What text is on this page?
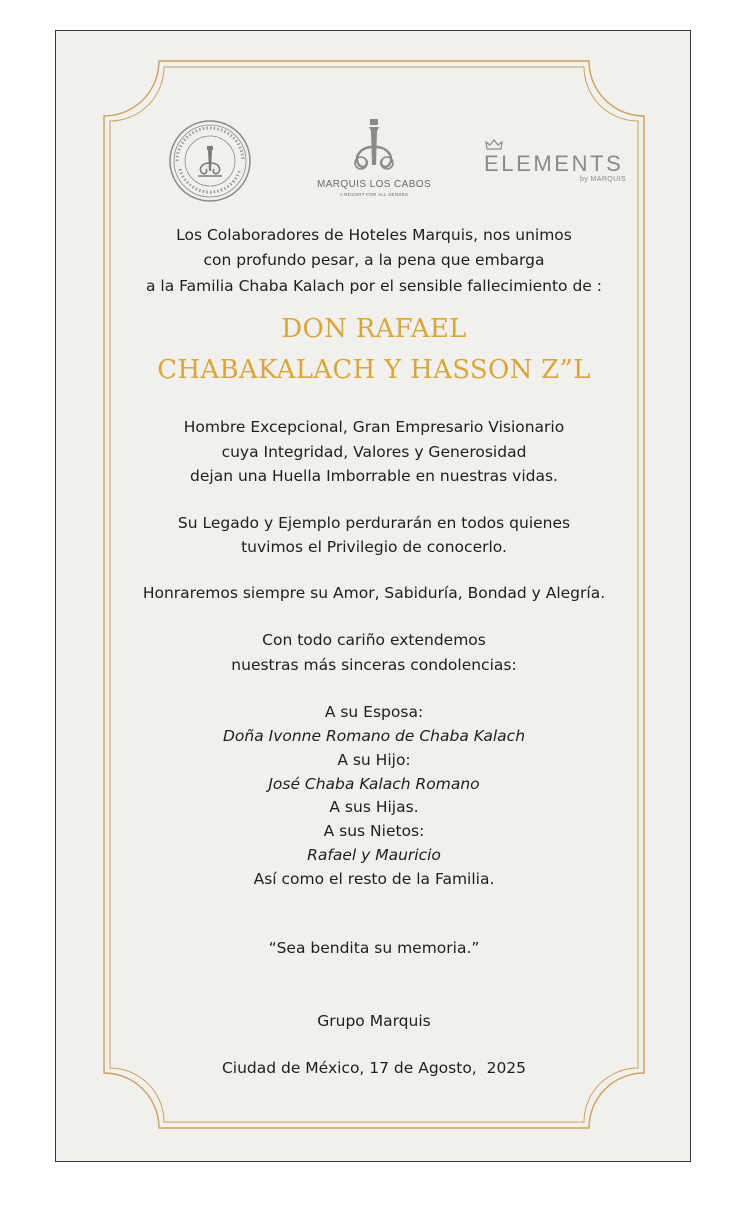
MARQUIS LOS CABOS
A RESORT FOR ALL SENSES
ELEMENTS
by MARQUIS
Los Colaboradores de Hoteles Marquis, nos unimos
con profundo pesar, a la pena que embarga
a la Familia Chaba Kalach por el sensible fallecimiento de :
DON RAFAEL
CHABAKALACH Y HASSON Z”L
Hombre Excepcional, Gran Empresario Visionario
cuya Integridad, Valores y Generosidad
dejan una Huella Imborrable en nuestras vidas.
Su Legado y Ejemplo perdurarán en todos quienes
tuvimos el Privilegio de conocerlo.
Honraremos siempre su Amor, Sabiduría, Bondad y Alegría.
Con todo cariño extendemos
nuestras más sinceras condolencias:
A su Esposa:
Doña Ivonne Romano de Chaba Kalach
A su Hijo:
José Chaba Kalach Romano
A sus Hijas.
A sus Nietos:
Rafael y Mauricio
Así como el resto de la Familia.
“Sea bendita su memoria.”
Grupo Marquis
Ciudad de México, 17 de Agosto,  2025
